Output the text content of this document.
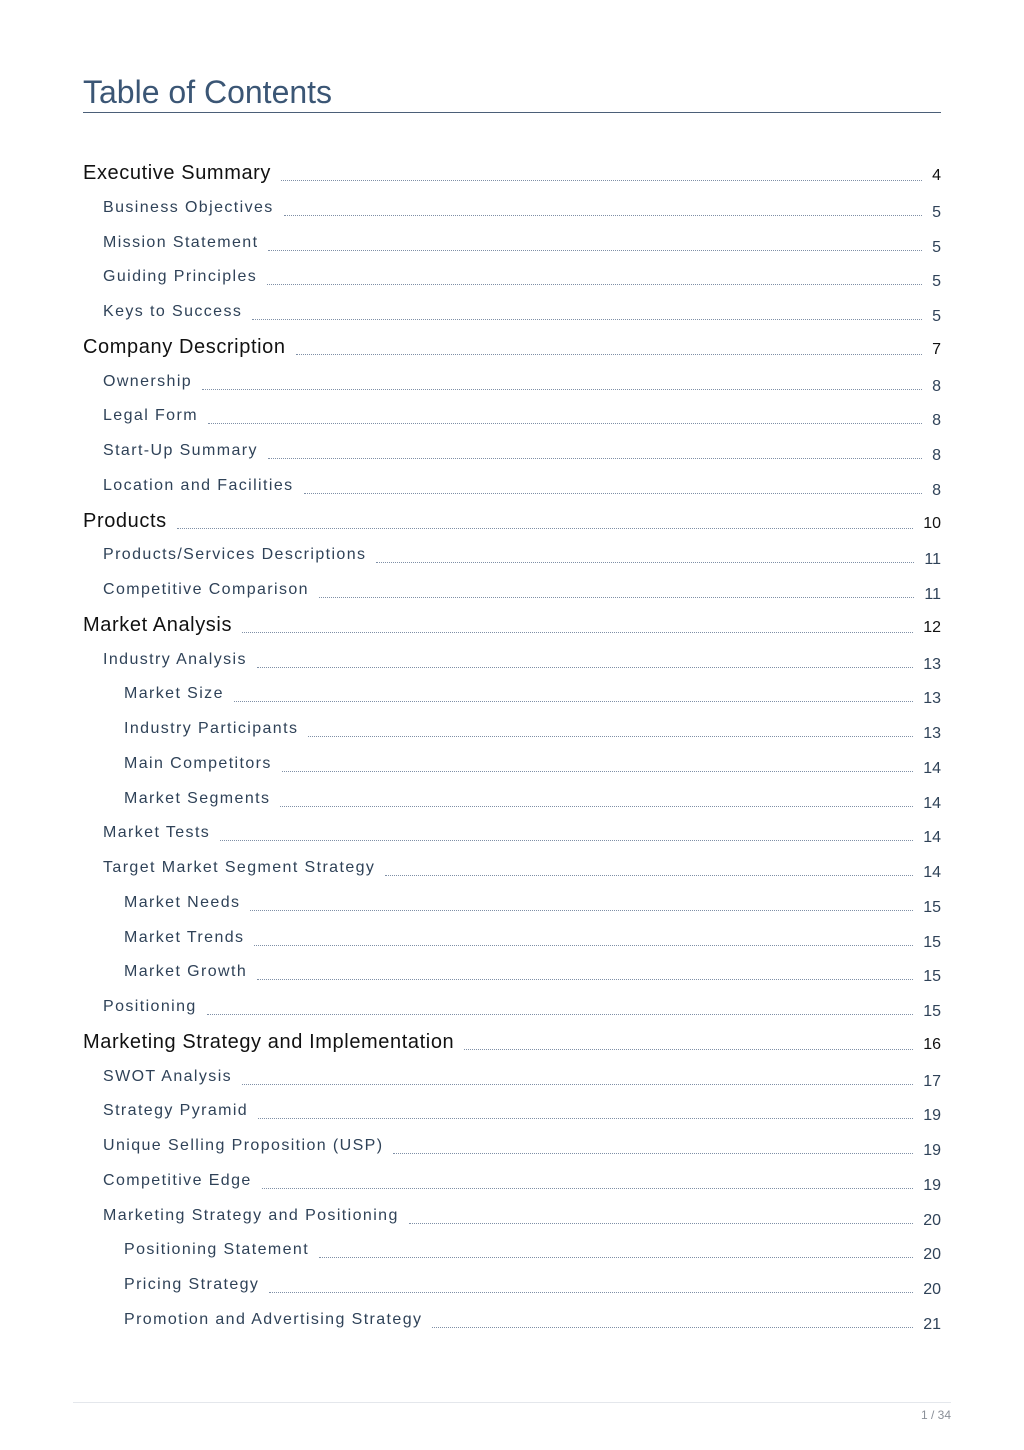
Table of Contents
Executive Summary	4
Business Objectives	5
Mission Statement	5
Guiding Principles	5
Keys to Success	5
Company Description	7
Ownership	8
Legal Form	8
Start-Up Summary	8
Location and Facilities	8
Products	10
Products/Services Descriptions	11
Competitive Comparison	11
Market Analysis	12
Industry Analysis	13
Market Size	13
Industry Participants	13
Main Competitors	14
Market Segments	14
Market Tests	14
Target Market Segment Strategy	14
Market Needs	15
Market Trends	15
Market Growth	15
Positioning	15
Marketing Strategy and Implementation	16
SWOT Analysis	17
Strategy Pyramid	19
Unique Selling Proposition (USP)	19
Competitive Edge	19
Marketing Strategy and Positioning	20
Positioning Statement	20
Pricing Strategy	20
Promotion and Advertising Strategy	21
1 / 34
